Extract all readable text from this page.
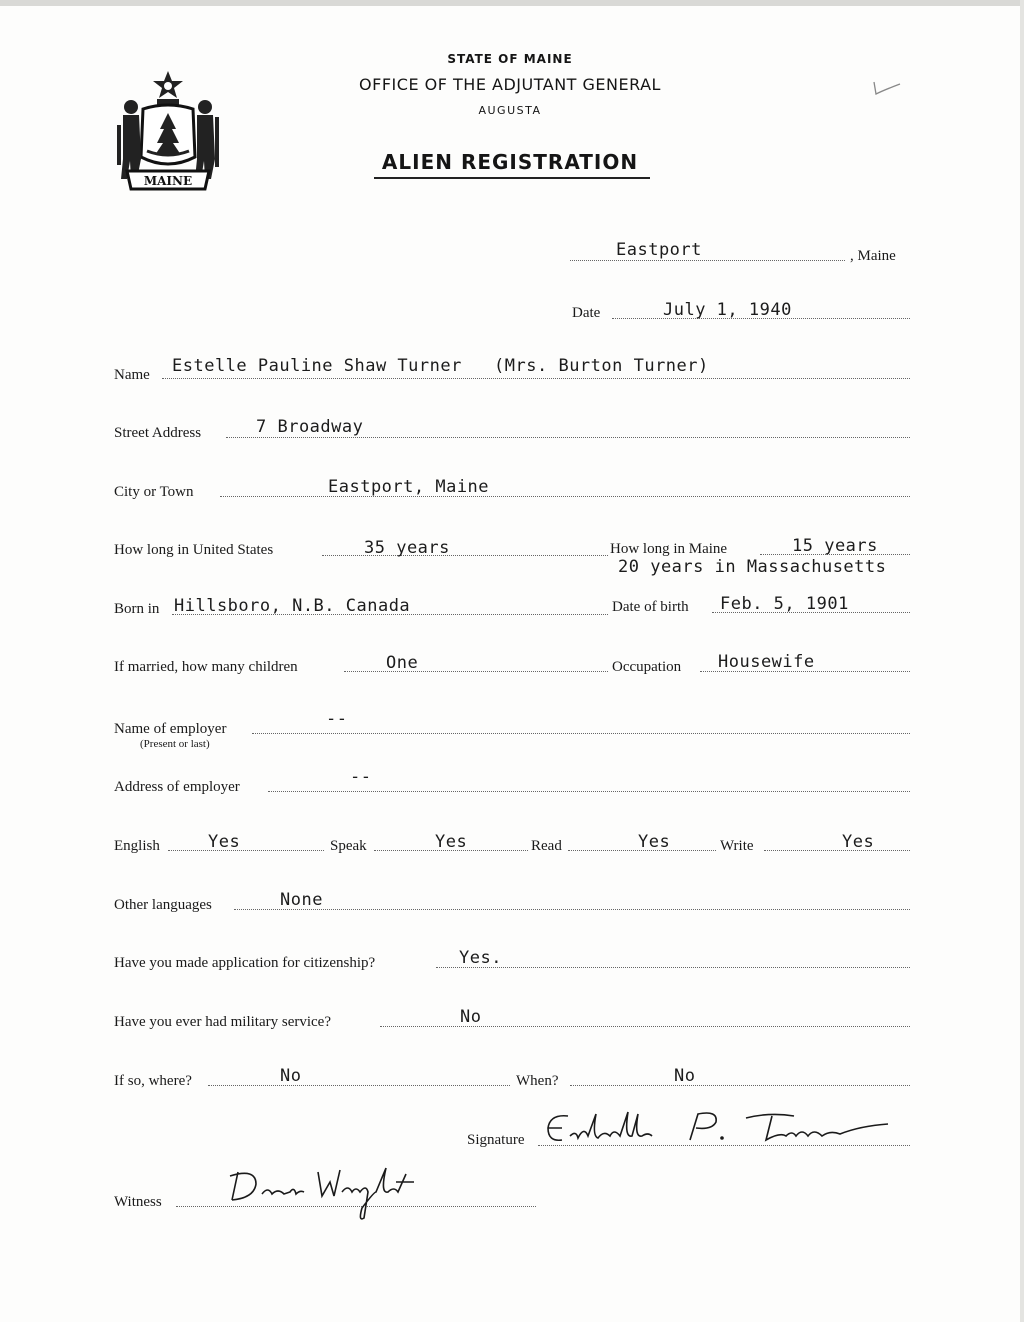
MAINE
STATE OF MAINE
OFFICE OF THE ADJUTANT GENERAL
AUGUSTA
ALIEN REGISTRATION
Eastport	, Maine
Date	July 1, 1940
Name Estelle Pauline Shaw Turner   (Mrs. Burton Turner)
Street Address	7 Broadway
City or Town	Eastport, Maine
How long in United States	35 years	How long in Maine	15 years
20 years in Massachusetts
Born in Hillsboro, N.B. Canada	Date of birth Feb. 5, 1901
If married, how many children	One	Occupation Housewife
Name of employer
(Present or last)
--
Address of employer	--
English	Yes	Speak	Yes	Read	Yes	Write	Yes
Other languages	None
Have you made application for citizenship?	Yes.
Have you ever had military service?	No
If so, where?	No	When?	No
Signature
Witness
